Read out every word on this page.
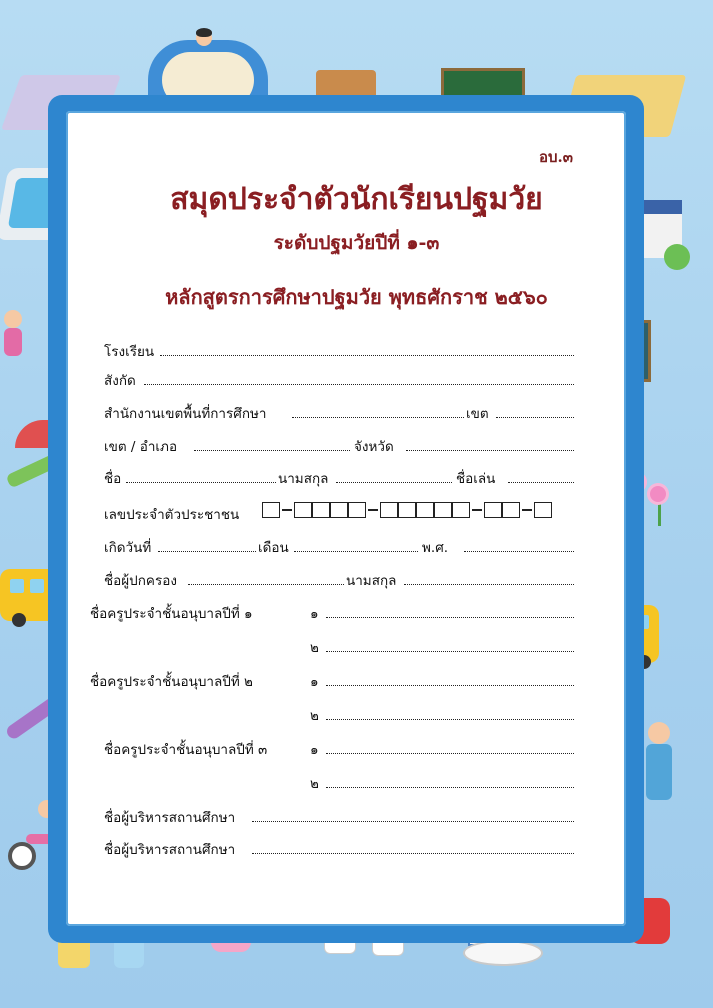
อบ.๓
สมุดประจำตัวนักเรียนปฐมวัย
ระดับปฐมวัยปีที่ ๑-๓
หลักสูตรการศึกษาปฐมวัย พุทธศักราช ๒๕๖๐
โรงเรียน
สังกัด
สำนักงานเขตพื้นที่การศึกษา	เขต
เขต / อำเภอ	จังหวัด
ชื่อ	นามสกุล	ชื่อเล่น
เลขประจำตัวประชาชน
เกิดวันที่	เดือน	พ.ศ.
ชื่อผู้ปกครอง	นามสกุล
ชื่อครูประจำชั้นอนุบาลปีที่ ๑	๑
๒
ชื่อครูประจำชั้นอนุบาลปีที่ ๒	๑
๒
ชื่อครูประจำชั้นอนุบาลปีที่ ๓	๑
๒
ชื่อผู้บริหารสถานศึกษา
ชื่อผู้บริหารสถานศึกษา
